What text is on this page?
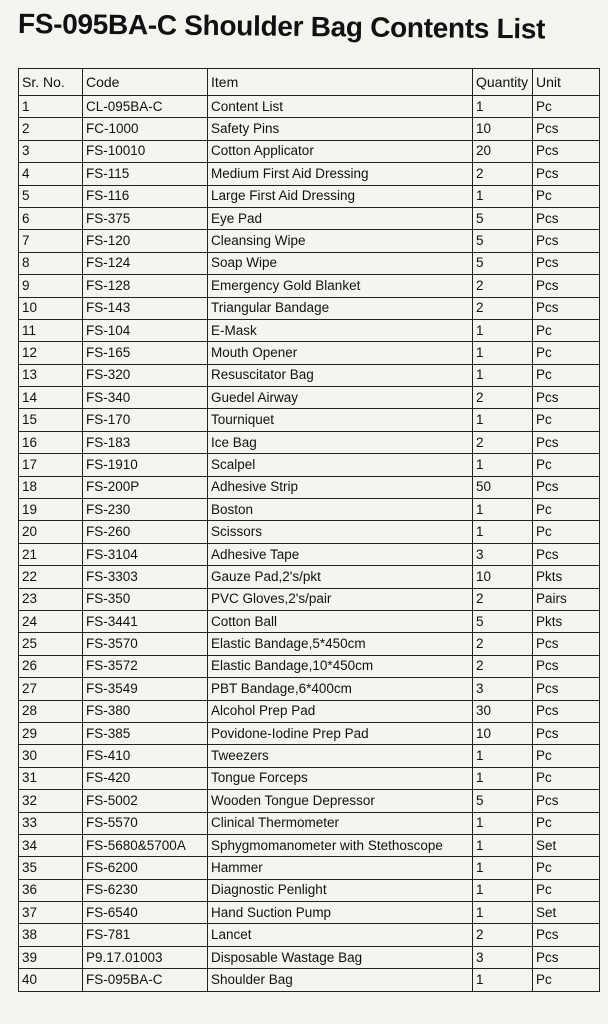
FS-095BA-C Shoulder Bag Contents List
Sr. No.	Code	Item	Quantity	Unit
1	CL-095BA-C	Content List	1	Pc
2	FC-1000	Safety Pins	10	Pcs
3	FS-10010	Cotton Applicator	20	Pcs
4	FS-115	Medium First Aid Dressing	2	Pcs
5	FS-116	Large First Aid Dressing	1	Pc
6	FS-375	Eye Pad	5	Pcs
7	FS-120	Cleansing Wipe	5	Pcs
8	FS-124	Soap Wipe	5	Pcs
9	FS-128	Emergency Gold Blanket	2	Pcs
10	FS-143	Triangular Bandage	2	Pcs
11	FS-104	E-Mask	1	Pc
12	FS-165	Mouth Opener	1	Pc
13	FS-320	Resuscitator Bag	1	Pc
14	FS-340	Guedel Airway	2	Pcs
15	FS-170	Tourniquet	1	Pc
16	FS-183	Ice Bag	2	Pcs
17	FS-1910	Scalpel	1	Pc
18	FS-200P	Adhesive Strip	50	Pcs
19	FS-230	Boston	1	Pc
20	FS-260	Scissors	1	Pc
21	FS-3104	Adhesive Tape	3	Pcs
22	FS-3303	Gauze Pad,2's/pkt	10	Pkts
23	FS-350	PVC Gloves,2's/pair	2	Pairs
24	FS-3441	Cotton Ball	5	Pkts
25	FS-3570	Elastic Bandage,5*450cm	2	Pcs
26	FS-3572	Elastic Bandage,10*450cm	2	Pcs
27	FS-3549	PBT Bandage,6*400cm	3	Pcs
28	FS-380	Alcohol Prep Pad	30	Pcs
29	FS-385	Povidone-Iodine Prep Pad	10	Pcs
30	FS-410	Tweezers	1	Pc
31	FS-420	Tongue Forceps	1	Pc
32	FS-5002	Wooden Tongue Depressor	5	Pcs
33	FS-5570	Clinical Thermometer	1	Pc
34	FS-5680&5700A	Sphygmomanometer with Stethoscope	1	Set
35	FS-6200	Hammer	1	Pc
36	FS-6230	Diagnostic Penlight	1	Pc
37	FS-6540	Hand Suction Pump	1	Set
38	FS-781	Lancet	2	Pcs
39	P9.17.01003	Disposable Wastage Bag	3	Pcs
40	FS-095BA-C	Shoulder Bag	1	Pc
